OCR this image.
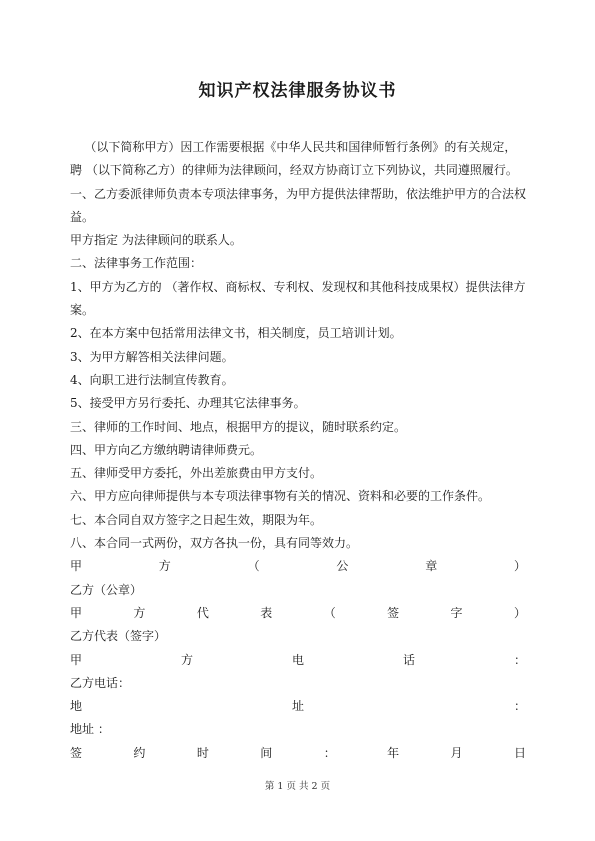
知识产权法律服务协议书

（以下简称甲方）因工作需要根据《中华人民共和国律师暂行条例》的有关规定，聘 （以下简称乙方）的律师为法律顾问，经双方协商订立下列协议，共同遵照履行。

一、乙方委派律师负责本专项法律事务，为甲方提供法律帮助，依法维护甲方的合法权益。

甲方指定 为法律顾问的联系人。

二、法律事务工作范围：

1、甲方为乙方的 （著作权、商标权、专利权、发现权和其他科技成果权）提供法律方案。

2、在本方案中包括常用法律文书，相关制度，员工培训计划。

3、为甲方解答相关法律问题。

4、向职工进行法制宣传教育。

5、接受甲方另行委托、办理其它法律事务。

三、律师的工作时间、地点，根据甲方的提议，随时联系约定。

四、甲方向乙方缴纳聘请律师费元。

五、律师受甲方委托，外出差旅费由甲方支付。

六、甲方应向律师提供与本专项法律事物有关的情况、资料和必要的工作条件。

七、本合同自双方签字之日起生效，期限为年。

八、本合同一式两份，双方各执一份，具有同等效力。

甲	方	（	公	章	）

乙方（公章）

甲	方	代	表	（	签	字	）

乙方代表（签字）

甲	方	电	话	：

乙方电话：

地	址	：

地址 ：

签	约	时	间	：	年	月	日
第 1 页 共 2 页
